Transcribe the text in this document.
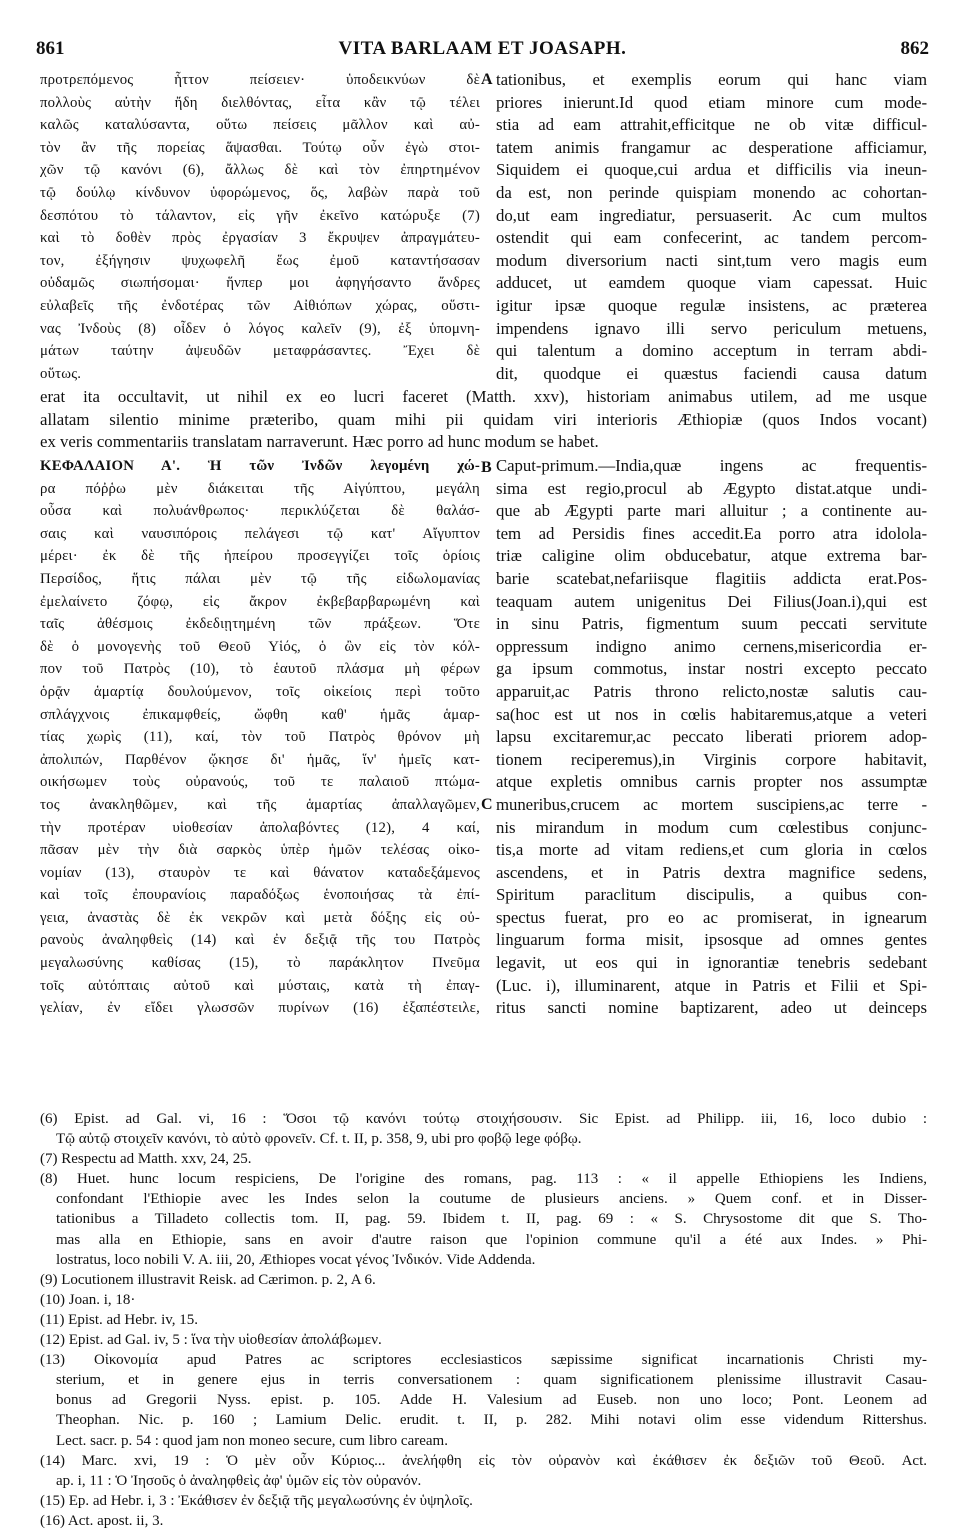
861	VITA BARLAAM ET JOASAPH.	862
A
B
C
προτρεπόμενος ἧττον πείσειεν· ὑποδεικνύων δὲ
πολλοὺς αὐτὴν ἤδη διελθόντας, εἶτα κἂν τῷ τέλει
καλῶς καταλύσαντα, οὕτω πείσεις μᾶλλον καὶ αὐ-
τὸν ἂν τῆς πορείας ἅψασθαι. Τούτῳ οὖν ἐγὼ στοι-
χῶν τῷ κανόνι (6), ἄλλως δὲ καὶ τὸν ἐπηρτημένον
τῷ δούλῳ κίνδυνον ὑφορώμενος, ὅς, λαβὼν παρὰ τοῦ
δεσπότου τὸ τάλαντον, εἰς γῆν ἐκεῖνο κατώρυξε (7)
καὶ τὸ δοθὲν πρὸς ἐργασίαν 3 ἔκρυψεν ἀπραγμάτευ-
τον, ἐξήγησιν ψυχωφελῆ ἕως ἐμοῦ καταντήσασαν
οὐδαμῶς σιωπήσομαι· ἥνπερ μοι ἀφηγήσαντο ἄνδρες
εὐλαβεῖς τῆς ἐνδοτέρας τῶν Αἰθιόπων χώρας, οὕστι-
νας Ἰνδοὺς (8) οἶδεν ὁ λόγος καλεῖν (9), ἐξ ὑπομνη-
μάτων ταύτην ἀψευδῶν μεταφράσαντες. Ἔχει δὲ
οὕτως.
tationibus, et exemplis eorum qui hanc viam
priores inierunt.Id quod etiam minore cum mode-
stia ad eam attrahit,efficitque ne ob vitæ difficul-
tatem animis frangamur ac desperatione afficiamur,
Siquidem ei quoque,cui ardua et difficilis via ineun-
da est, non perinde quispiam monendo ac cohortan-
do,ut eam ingrediatur, persuaserit. Ac cum multos
ostendit qui eam confecerint, ac tandem percom-
modum diversorium nacti sint,tum vero magis eum
adducet, ut eamdem quoque viam capessat. Huic
igitur ipsæ quoque regulæ insistens, ac præterea
impendens ignavo illi servo periculum metuens,
qui talentum a domino acceptum in terram abdi-
dit, quodque ei quæstus faciendi causa datum
erat ita occultavit, ut nihil ex eo lucri faceret (Matth. xxv), historiam animabus utilem, ad me usque
allatam silentio minime præteribo, quam mihi pii quidam viri interioris Æthiopiæ (quos Indos vocant)
ex veris commentariis translatam narraverunt. Hæc porro ad hunc modum se habet.
ΚΕΦΑΛΑΙΟΝ Α'. Ἡ τῶν Ἰνδῶν λεγομένη χώ-
ρα πόῤῥω μὲν διάκειται τῆς Αἰγύπτου, μεγάλη
οὖσα καὶ πολυάνθρωπος· περικλύζεται δὲ θαλάσ-
σαις καὶ ναυσιπόροις πελάγεσι τῷ κατ' Αἴγυπτον
μέρει· ἐκ δὲ τῆς ἠπείρου προσεγγίζει τοῖς ὁρίοις
Περσίδος, ἥτις πάλαι μὲν τῷ τῆς εἰδωλομανίας
ἐμελαίνετο ζόφῳ, εἰς ἄκρον ἐκβεβαρβαρωμένη καὶ
ταῖς ἀθέσμοις ἐκδεδιῃτημένη τῶν πράξεων. Ὅτε
δὲ ὁ μονογενὴς τοῦ Θεοῦ Υἱός, ὁ ὢν εἰς τὸν κόλ-
πον τοῦ Πατρὸς (10), τὸ ἑαυτοῦ πλάσμα μὴ φέρων
ὁρᾷν ἁμαρτίᾳ δουλούμενον, τοῖς οἰκείοις περὶ τοῦτο
σπλάγχνοις ἐπικαμφθείς, ὤφθη καθ' ἡμᾶς ἁμαρ-
τίας χωρὶς (11), καί, τὸν τοῦ Πατρὸς θρόνον μὴ
ἀπολιπών, Παρθένον ᾤκησε δι' ἡμᾶς, ἵν' ἡμεῖς κατ-
οικήσωμεν τοὺς οὐρανούς, τοῦ τε παλαιοῦ πτώμα-
τος ἀνακληθῶμεν, καὶ τῆς ἁμαρτίας ἀπαλλαγῶμεν,
τὴν προτέραν υἱοθεσίαν ἀπολαβόντες (12), 4 καί,
πᾶσαν μὲν τὴν διὰ σαρκὸς ὑπὲρ ἡμῶν τελέσας οἰκο-
νομίαν (13), σταυρὸν τε καὶ θάνατον καταδεξάμενος
καὶ τοῖς ἐπουρανίοις παραδόξως ἑνοποιήσας τὰ ἐπί-
γεια, ἀναστὰς δὲ ἐκ νεκρῶν καὶ μετὰ δόξης εἰς οὐ-
ρανοὺς ἀναληφθεὶς (14) καὶ ἐν δεξιᾷ τῆς του Πατρὸς
μεγαλωσύνης καθίσας (15), τὸ παράκλητον Πνεῦμα
τοῖς αὐτόπταις αὐτοῦ καὶ μύσταις, κατὰ τὴ ἐπαγ-
γελίαν, ἐν εἴδει γλωσσῶν πυρίνων (16) ἐξαπέστειλε,
Caput-primum.—India,quæ ingens ac frequentis-
sima est regio,procul ab Ægypto distat.atque undi-
que ab Ægypti parte mari alluitur ; a continente au-
tem ad Persidis fines accedit.Ea porro atra idolola-
triæ caligine olim obducebatur, atque extrema bar-
barie scatebat,nefariisque flagitiis addicta erat.Pos-
teaquam autem unigenitus Dei Filius(Joan.i),qui est
in sinu Patris, figmentum suum peccati servitute
oppressum indigno animo cernens,misericordia er-
ga ipsum commotus, instar nostri excepto peccato
apparuit,ac Patris throno relicto,nostæ salutis cau-
sa(hoc est ut nos in cœlis habitaremus,atque a veteri
lapsu excitaremur,ac peccato liberati priorem adop-
tionem reciperemus),in Virginis corpore habitavit,
atque expletis omnibus carnis propter nos assumptæ
muneribus,crucem ac mortem suscipiens,ac terre -
nis mirandum in modum cum cœlestibus conjunc-
tis,a morte ad vitam rediens,et cum gloria in cœlos
ascendens, et in Patris dextra magnifice sedens,
Spiritum paraclitum discipulis, a quibus con-
spectus fuerat, pro eo ac promiserat, in ignearum
linguarum forma misit, ipsosque ad omnes gentes
legavit, ut eos qui in ignorantiæ tenebris sedebant
(Luc. i), illuminarent, atque in Patris et Filii et Spi-
ritus sancti nomine baptizarent, adeo ut deinceps
(6) Epist. ad Gal. vi, 16 : Ὅσοι τῷ κανόνι τούτῳ στοιχήσουσιν. Sic Epist. ad Philipp. iii, 16, loco dubio :
Τῷ αὐτῷ στοιχεῖν κανόνι, τὸ αὐτὸ φρονεῖν. Cf. t. II, p. 358, 9, ubi pro φοβῷ lege φόβῳ.
(7) Respectu ad Matth. xxv, 24, 25.
(8) Huet. hunc locum respiciens, De l'origine des romans, pag. 113 : « il appelle Ethiopiens les Indiens,
confondant l'Ethiopie avec les Indes selon la coutume de plusieurs anciens. » Quem conf. et in Disser-
tationibus a Tilladeto collectis tom. II, pag. 59. Ibidem t. II, pag. 69 : « S. Chrysostome dit que S. Tho-
mas alla en Ethiopie, sans en avoir d'autre raison que l'opinion commune qu'il a été aux Indes. » Phi-
lostratus, loco nobili V. A. iii, 20, Æthiopes vocat γένος Ἰνδικόν. Vide Addenda.
(9) Locutionem illustravit Reisk. ad Cærimon. p. 2, A 6.
(10) Joan. i, 18·
(11) Epist. ad Hebr. iv, 15.
(12) Epist. ad Gal. iv, 5 : ἵνα τὴν υἱοθεσίαν ἀπολάβωμεν.
(13) Οἰκονομία apud Patres ac scriptores ecclesiasticos sæpissime significat incarnationis Christi my-
sterium, et in genere ejus in terris conversationem : quam significationem plenissime illustravit Casau-
bonus ad Gregorii Nyss. epist. p. 105. Adde H. Valesium ad Euseb. non uno loco; Pont. Leonem ad
Theophan. Nic. p. 160 ; Lamium Delic. erudit. t. II, p. 282. Mihi notavi olim esse videndum Rittershus.
Lect. sacr. p. 54 : quod jam non moneo secure, cum libro caream.
(14) Marc. xvi, 19 : Ὁ μὲν οὖν Κύριος... ἀνελήφθη εἰς τὸν οὐρανὸν καὶ ἐκάθισεν ἐκ δεξιῶν τοῦ Θεοῦ. Act.
ap. i, 11 : Ὁ Ἰησοῦς ὁ ἀναληφθεὶς ἀφ' ὑμῶν εἰς τὸν οὐρανόν.
(15) Ep. ad Hebr. i, 3 : Ἐκάθισεν ἐν δεξιᾷ τῆς μεγαλωσύνης ἐν ὑψηλοῖς.
(16) Act. apost. ii, 3.
